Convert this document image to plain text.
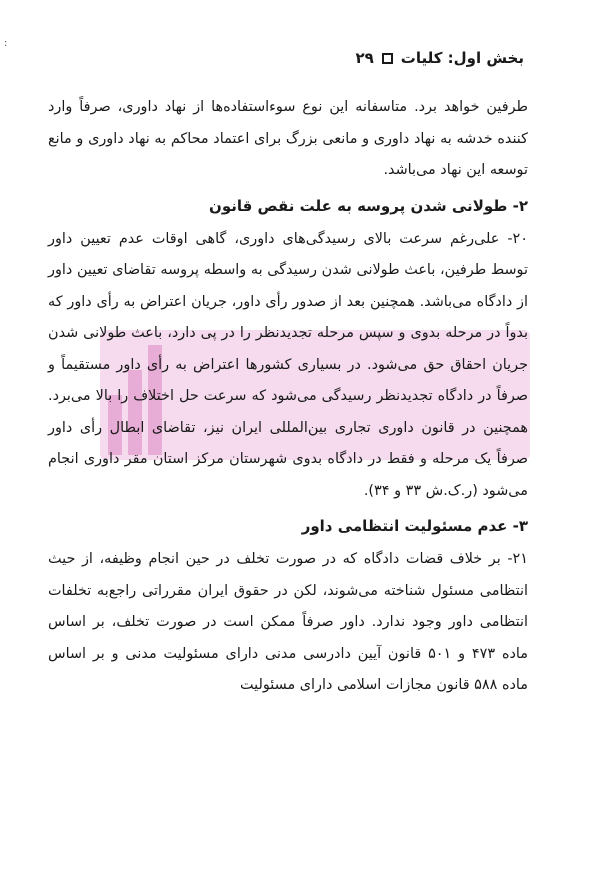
:
بخش اول: کلیات
۲۹

طرفین خواهد برد. متاسفانه این نوع سوءاستفاده‌ها از نهاد داوری، صرفاً وارد کننده خدشه به نهاد داوری و مانعی بزرگ برای اعتماد محاکم به نهاد داوری و مانع توسعه این نهاد می‌باشد.

۲- طولانی شدن پروسه به علت نقص قانون

۲۰- علی‌رغم سرعت بالای رسیدگی‌های داوری، گاهی اوقات عدم تعیین داور توسط طرفین، باعث طولانی شدن رسیدگی به واسطه پروسه تقاضای تعیین داور از دادگاه می‌باشد. همچنین بعد از صدور رأی داور، جریان اعتراض به رأی داور که بدواً در مرحله بدوی و سپس مرحله تجدیدنظر را در پی دارد، باعث طولانی شدن جریان احقاق حق می‌شود. در بسیاری کشورها اعتراض به رأی داور مستقیماً و صرفاً در دادگاه تجدیدنظر رسیدگی می‌شود که سرعت حل اختلاف را بالا می‌برد. همچنین در قانون داوری تجاری بین‌المللی ایران نیز، تقاضای ابطال رأی داور صرفاً یک مرحله و فقط در دادگاه بدوی شهرستان مرکز استان مقر داوری انجام می‌شود (ر.ک.ش ۳۳ و ۳۴).

۳- عدم مسئولیت انتظامی داور

۲۱- بر خلاف قضات دادگاه که در صورت تخلف در حین انجام وظیفه، از حیث انتظامی مسئول شناخته می‌شوند، لکن در حقوق ایران مقرراتی راجع‌به تخلفات انتظامی داور وجود ندارد. داور صرفاً ممکن است در صورت تخلف، بر اساس ماده ۴۷۳ و ۵۰۱ قانون آیین دادرسی مدنی دارای مسئولیت مدنی و بر اساس ماده ۵۸۸ قانون مجازات اسلامی دارای مسئولیت
